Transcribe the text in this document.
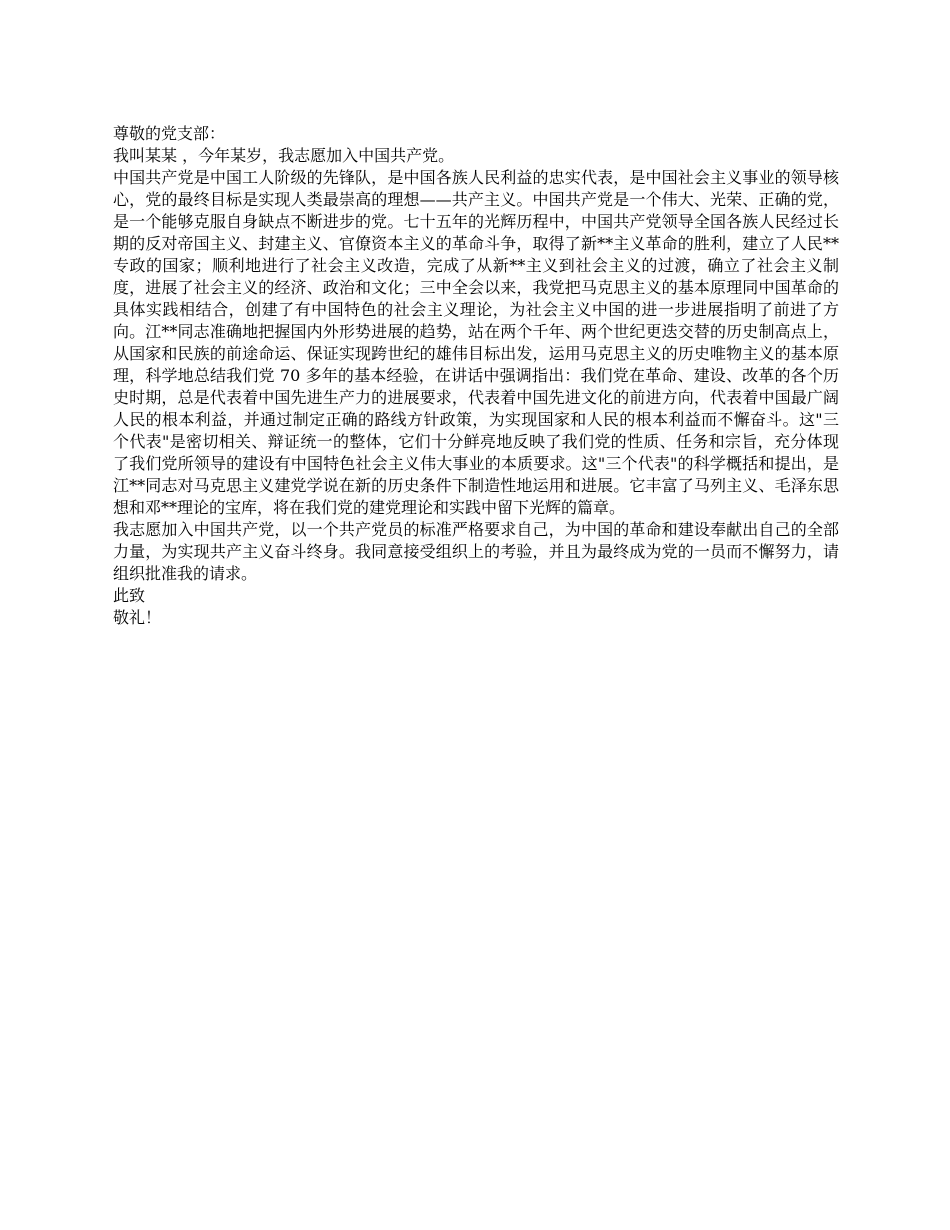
尊敬的党支部：

我叫某某 ，今年某岁，我志愿加入中国共产党。

中国共产党是中国工人阶级的先锋队，是中国各族人民利益的忠实代表，是中国社会主义事业的领导核心，党的最终目标是实现人类最崇高的理想——共产主义。中国共产党是一个伟大、光荣、正确的党，是一个能够克服自身缺点不断进步的党。七十五年的光辉历程中，中国共产党领导全国各族人民经过长期的反对帝国主义、封建主义、官僚资本主义的革命斗争，取得了新**主义革命的胜利，建立了人民**专政的国家；顺利地进行了社会主义改造，完成了从新**主义到社会主义的过渡，确立了社会主义制度，进展了社会主义的经济、政治和文化；三中全会以来，我党把马克思主义的基本原理同中国革命的具体实践相结合，创建了有中国特色的社会主义理论，为社会主义中国的进一步进展指明了前进了方向。江**同志准确地把握国内外形势进展的趋势，站在两个千年、两个世纪更迭交替的历史制高点上，从国家和民族的前途命运、保证实现跨世纪的雄伟目标出发，运用马克思主义的历史唯物主义的基本原理，科学地总结我们党 70 多年的基本经验，在讲话中强调指出：我们党在革命、建设、改革的各个历史时期，总是代表着中国先进生产力的进展要求，代表着中国先进文化的前进方向，代表着中国最广阔人民的根本利益，并通过制定正确的路线方针政策，为实现国家和人民的根本利益而不懈奋斗。这"三个代表"是密切相关、辩证统一的整体，它们十分鲜亮地反映了我们党的性质、任务和宗旨，充分体现了我们党所领导的建设有中国特色社会主义伟大事业的本质要求。这"三个代表"的科学概括和提出，是江**同志对马克思主义建党学说在新的历史条件下制造性地运用和进展。它丰富了马列主义、毛泽东思想和邓**理论的宝库，将在我们党的建党理论和实践中留下光辉的篇章。

我志愿加入中国共产党，以一个共产党员的标准严格要求自己，为中国的革命和建设奉献出自己的全部力量，为实现共产主义奋斗终身。我同意接受组织上的考验，并且为最终成为党的一员而不懈努力，请组织批准我的请求。

此致

敬礼！
